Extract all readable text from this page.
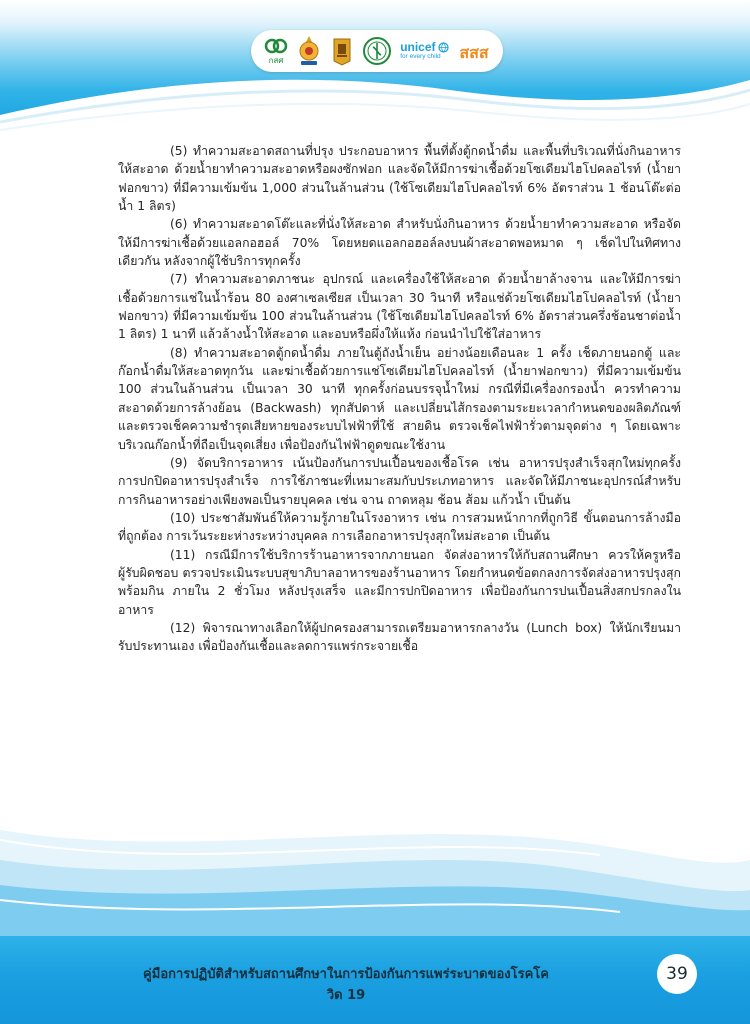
กสศ
unicef
for every child สสส

(5) ทำความสะอาดสถานที่ปรุง ประกอบอาหาร พื้นที่ตั้งตู้กดน้ำดื่ม และพื้นที่บริเวณที่นั่งกินอาหารให้สะอาด ด้วยน้ำยาทำความสะอาดหรือผงซักฟอก และจัดให้มีการฆ่าเชื้อด้วยโซเดียมไฮโปคลอไรท์ (น้ำยาฟอกขาว) ที่มีความเข้มข้น 1,000 ส่วนในล้านส่วน (ใช้โซเดียมไฮโปคลอไรท์ 6% อัตราส่วน 1 ช้อนโต๊ะต่อน้ำ 1 ลิตร)

(6) ทำความสะอาดโต๊ะและที่นั่งให้สะอาด สำหรับนั่งกินอาหาร ด้วยน้ำยาทำความสะอาด หรือจัดให้มีการฆ่าเชื้อด้วยแอลกอฮอล์ 70% โดยหยดแอลกอฮอล์ลงบนผ้าสะอาดพอหมาด ๆ เช็ดไปในทิศทางเดียวกัน หลังจากผู้ใช้บริการทุกครั้ง

(7) ทำความสะอาดภาชนะ อุปกรณ์ และเครื่องใช้ให้สะอาด ด้วยน้ำยาล้างจาน และให้มีการฆ่าเชื้อด้วยการแช่ในน้ำร้อน 80 องศาเซลเซียส เป็นเวลา 30 วินาที หรือแช่ด้วยโซเดียมไฮโปคลอไรท์ (น้ำยาฟอกขาว) ที่มีความเข้มข้น 100 ส่วนในล้านส่วน (ใช้โซเดียมไฮโปคลอไรท์ 6% อัตราส่วนครึ่งช้อนชาต่อน้ำ 1 ลิตร) 1 นาที แล้วล้างน้ำให้สะอาด และอบหรือผึ่งให้แห้ง ก่อนนำไปใช้ใส่อาหาร

(8) ทำความสะอาดตู้กดน้ำดื่ม ภายในตู้ถังน้ำเย็น อย่างน้อยเดือนละ 1 ครั้ง เช็ดภายนอกตู้ และก๊อกน้ำดื่มให้สะอาดทุกวัน และฆ่าเชื้อด้วยการแช่โซเดียมไฮโปคลอไรท์ (น้ำยาฟอกขาว) ที่มีความเข้มข้น 100 ส่วนในล้านส่วน เป็นเวลา 30 นาที ทุกครั้งก่อนบรรจุน้ำใหม่ กรณีที่มีเครื่องกรองน้ำ ควรทำความสะอาดด้วยการล้างย้อน (Backwash) ทุกสัปดาห์ และเปลี่ยนไส้กรองตามระยะเวลากำหนดของผลิตภัณฑ์ และตรวจเช็คความชำรุดเสียหายของระบบไฟฟ้าที่ใช้ สายดิน ตรวจเช็คไฟฟ้ารั่วตามจุดต่าง ๆ โดยเฉพาะบริเวณก๊อกน้ำที่ถือเป็นจุดเสี่ยง เพื่อป้องกันไฟฟ้าดูดขณะใช้งาน

(9) จัดบริการอาหาร เน้นป้องกันการปนเปื้อนของเชื้อโรค เช่น อาหารปรุงสำเร็จสุกใหม่ทุกครั้ง การปกปิดอาหารปรุงสำเร็จ การใช้ภาชนะที่เหมาะสมกับประเภทอาหาร และจัดให้มีภาชนะอุปกรณ์สำหรับการกินอาหารอย่างเพียงพอเป็นรายบุคคล เช่น จาน ถาดหลุม ช้อน ส้อม แก้วน้ำ เป็นต้น

(10) ประชาสัมพันธ์ให้ความรู้ภายในโรงอาหาร เช่น การสวมหน้ากากที่ถูกวิธี ขั้นตอนการล้างมือที่ถูกต้อง การเว้นระยะห่างระหว่างบุคคล การเลือกอาหารปรุงสุกใหม่สะอาด เป็นต้น

(11) กรณีมีการใช้บริการร้านอาหารจากภายนอก จัดส่งอาหารให้กับสถานศึกษา ควรให้ครูหรือผู้รับผิดชอบ ตรวจประเมินระบบสุขาภิบาลอาหารของร้านอาหาร โดยกำหนดข้อตกลงการจัดส่งอาหารปรุงสุกพร้อมกิน ภายใน 2 ชั่วโมง หลังปรุงเสร็จ และมีการปกปิดอาหาร เพื่อป้องกันการปนเปื้อนสิ่งสกปรกลงในอาหาร

(12) พิจารณาทางเลือกให้ผู้ปกครองสามารถเตรียมอาหารกลางวัน (Lunch box) ให้นักเรียนมารับประทานเอง เพื่อป้องกันเชื้อและลดการแพร่กระจายเชื้อ

คู่มือการปฏิบัติสำหรับสถานศึกษาในการป้องกันการแพร่ระบาดของโรคโควิด 19
39
